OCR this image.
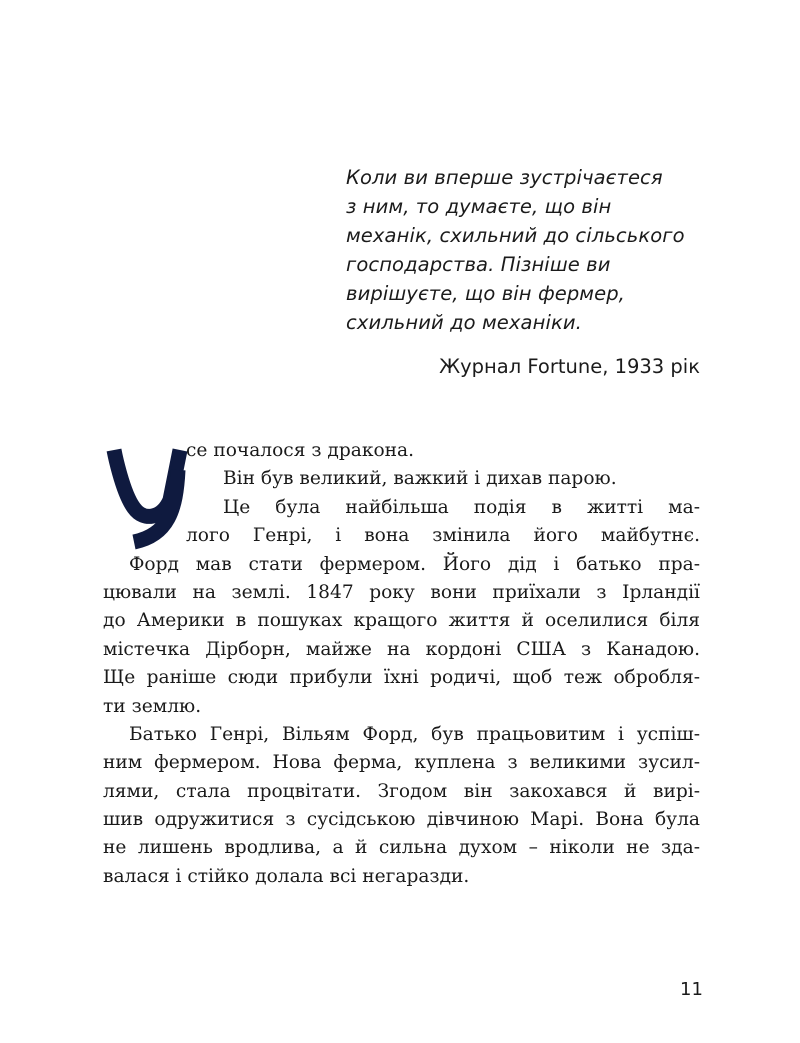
Коли ви вперше зустрічаєтеся
з ним, то думаєте, що він
механік, схильний до сільського
господарства. Пізніше ви
вирішуєте, що він фермер,
схильний до механіки.
Журнал Fortune, 1933 рік
се почалося з дракона.
Він був великий, важкий і дихав парою.
Це була найбільша подія в житті ма-
лого Генрі, і вона змінила його майбутнє.
Форд мав стати фермером. Його дід і батько пра-
цювали на землі. 1847 року вони приїхали з Ірландії
до Америки в пошуках кращого життя й оселилися біля
містечка Дірборн, майже на кордоні США з Канадою.
Ще раніше сюди прибули їхні родичі, щоб теж обробля-
ти землю.
Батько Генрі, Вільям Форд, був працьовитим і успіш-
ним фермером. Нова ферма, куплена з великими зусил-
лями, стала процвітати. Згодом він закохався й вирі-
шив одружитися з сусідською дівчиною Марі. Вона була
не лишень вродлива, а й сильна духом – ніколи не зда-
валася і стійко долала всі негаразди.
11
